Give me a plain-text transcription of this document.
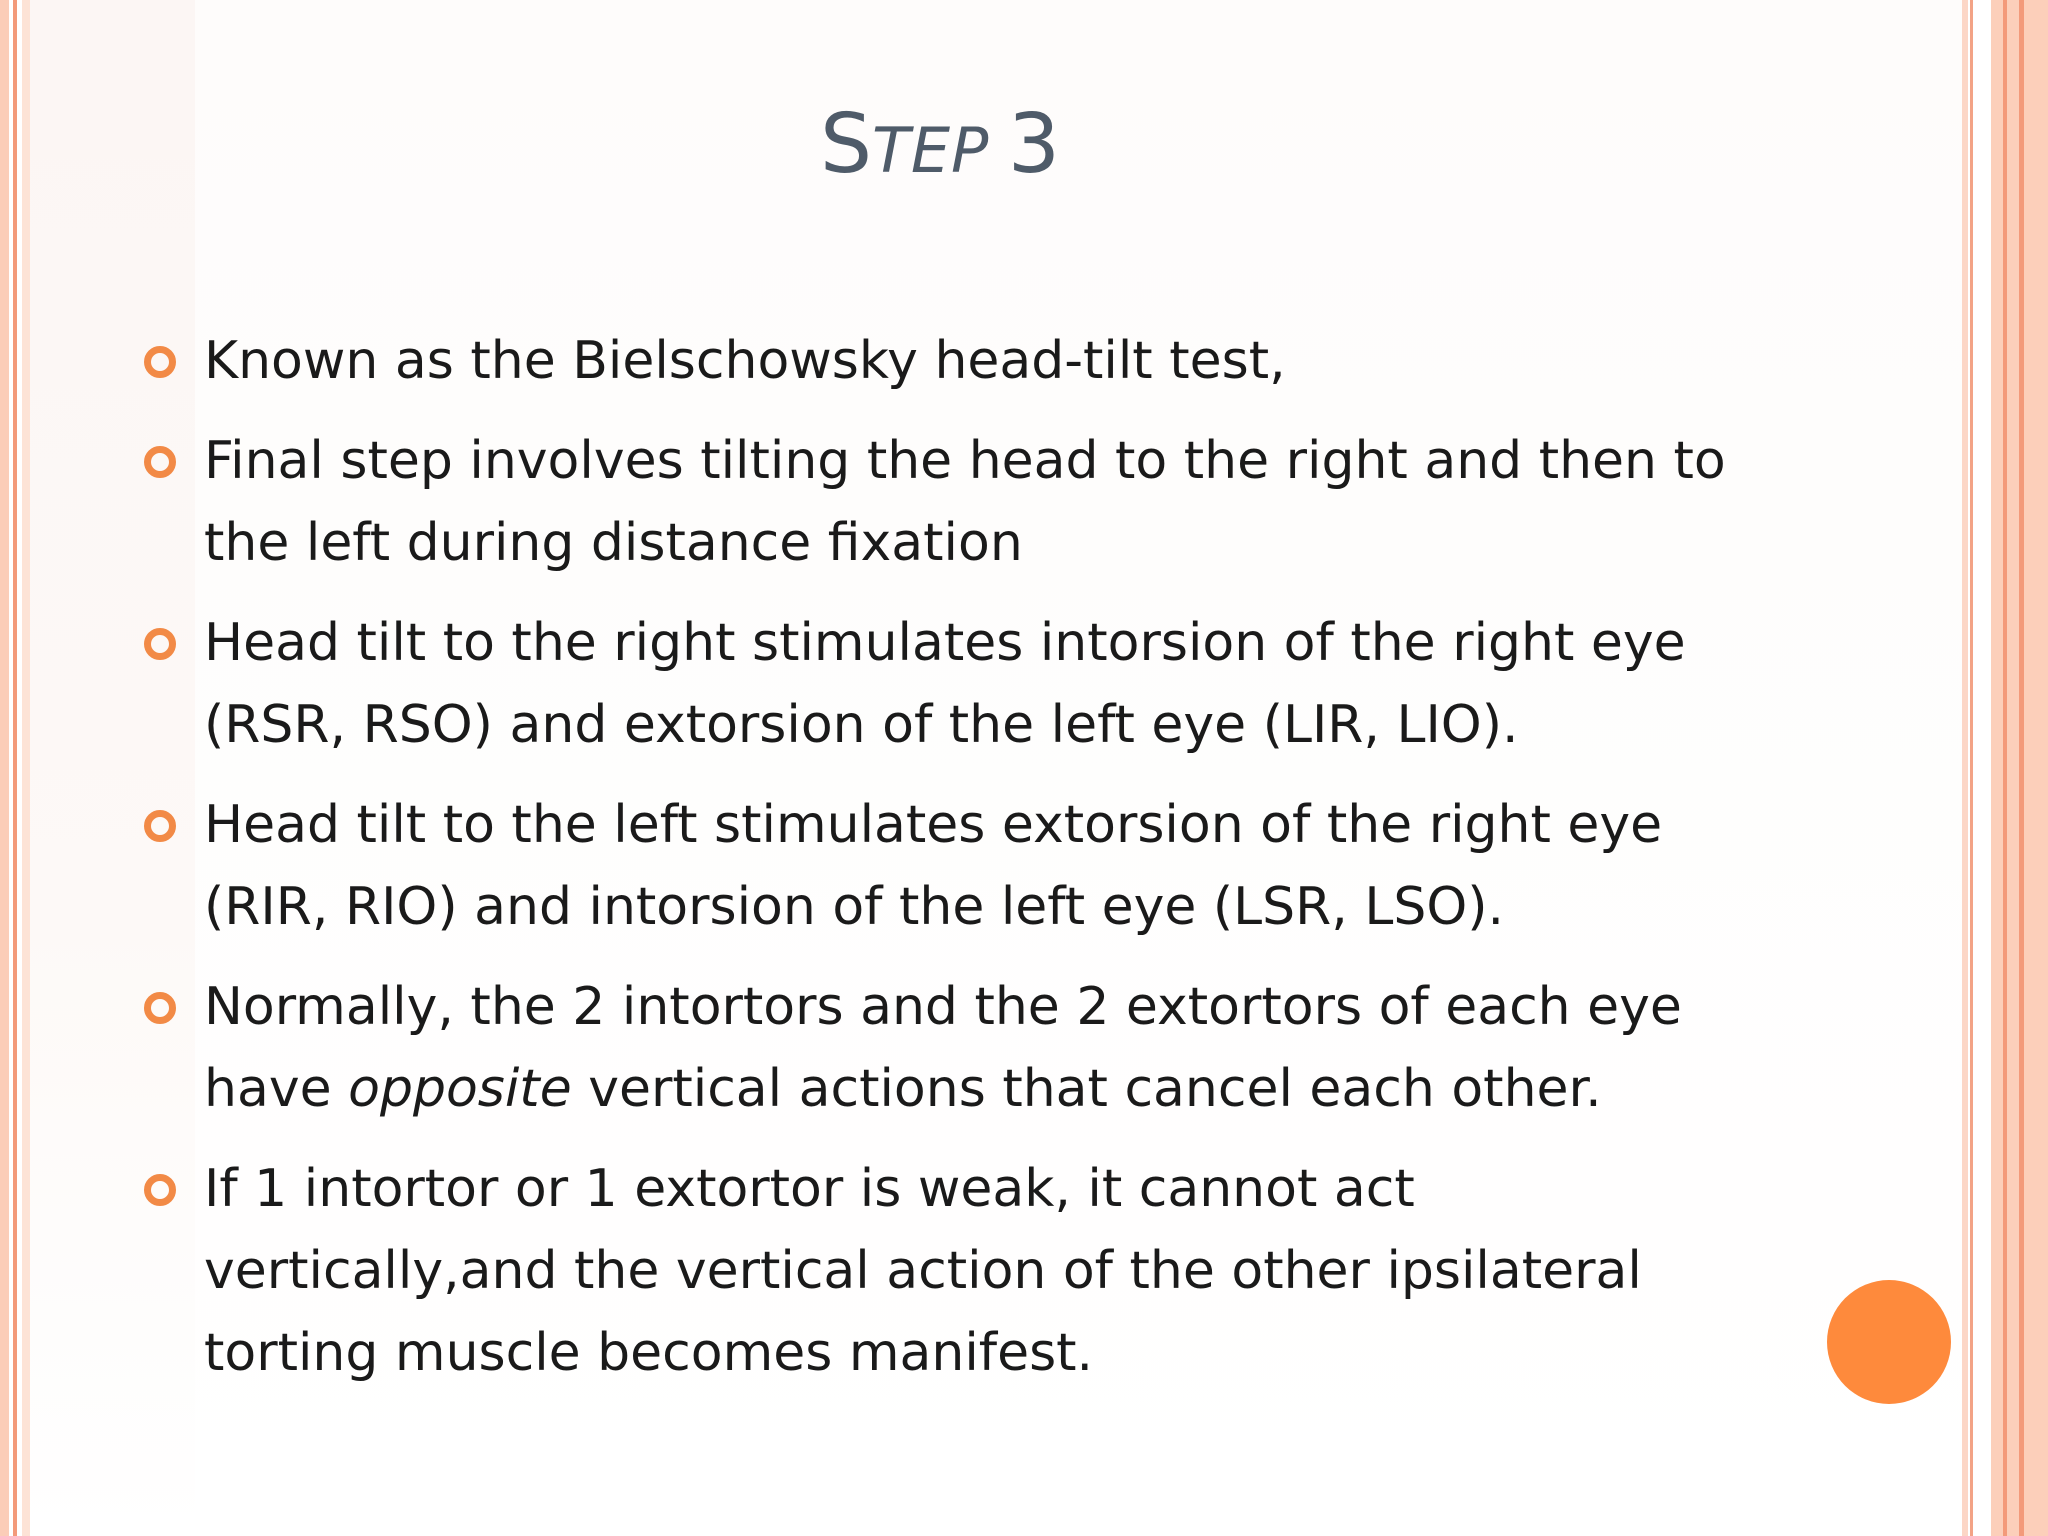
STEP 3
Known as the Bielschowsky head-tilt test,
Final step involves tilting the head to the right and then to the left during distance fixation
Head tilt to the right stimulates intorsion of the right eye (RSR, RSO) and extorsion of the left eye (LIR, LIO).
Head tilt to the left stimulates extorsion of the right eye (RIR, RIO) and intorsion of the left eye (LSR, LSO).
Normally, the 2 intortors and the 2 extortors of each eye have opposite vertical actions that cancel each other.
If 1 intortor or 1 extortor is weak, it cannot act vertically,and the vertical action of the other ipsilateral torting muscle becomes manifest.
